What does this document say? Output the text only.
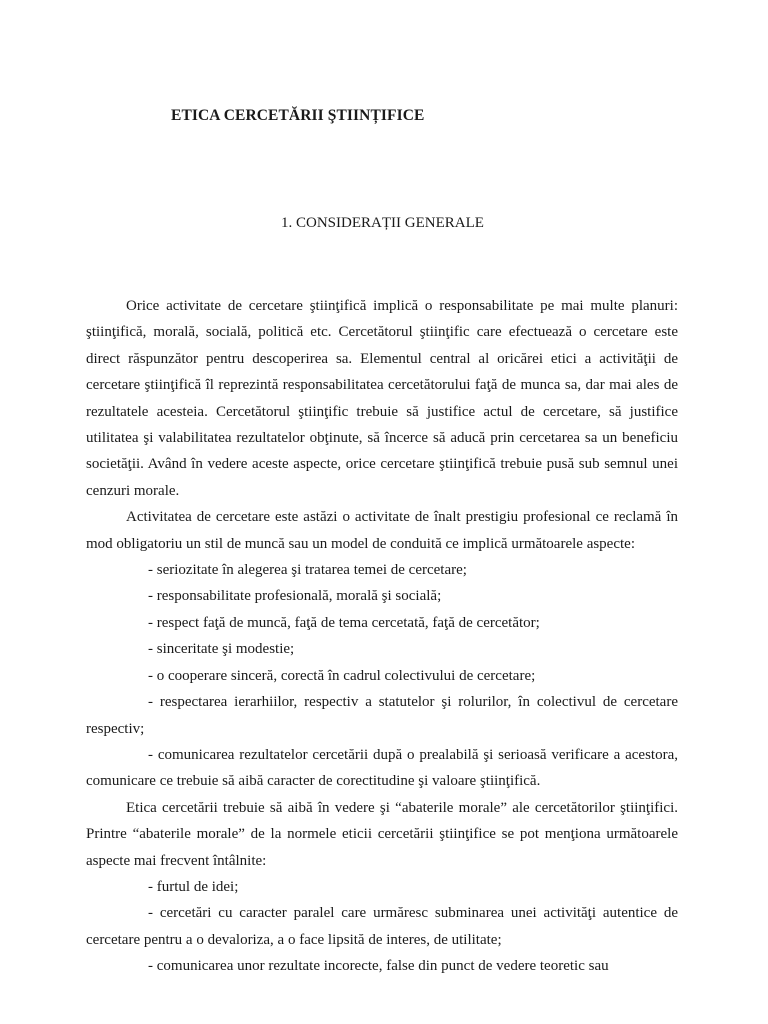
ETICA CERCETĂRII ŞTIINȚIFICE
1. CONSIDERAȚII GENERALE

Orice activitate de cercetare ştiinţifică implică o responsabilitate pe mai multe planuri: ştiinţifică, morală, socială, politică etc. Cercetătorul ştiinţific care efectuează o cercetare este direct răspunzător pentru descoperirea sa. Elementul central al oricărei etici a activităţii de cercetare ştiinţifică îl reprezintă responsabilitatea cercetătorului faţă de munca sa, dar mai ales de rezultatele acesteia. Cercetătorul ştiinţific trebuie să justifice actul de cercetare, să justifice utilitatea şi valabilitatea rezultatelor obţinute, să încerce să aducă prin cercetarea sa un beneficiu societăţii. Având în vedere aceste aspecte, orice cercetare ştiinţifică trebuie pusă sub semnul unei cenzuri morale.

Activitatea de cercetare este astăzi o activitate de înalt prestigiu profesional ce reclamă în mod obligatoriu un stil de muncă sau un model de conduită ce implică următoarele aspecte:

- seriozitate în alegerea şi tratarea temei de cercetare;

- responsabilitate profesională, morală şi socială;

- respect faţă de muncă, faţă de tema cercetată, faţă de cercetător;

- sinceritate şi modestie;

- o cooperare sinceră, corectă în cadrul colectivului de cercetare;

- respectarea ierarhiilor, respectiv a statutelor şi rolurilor, în colectivul de cercetare respectiv;

- comunicarea rezultatelor cercetării după o prealabilă şi serioasă verificare a acestora, comunicare ce trebuie să aibă caracter de corectitudine şi valoare ştiinţifică.

Etica cercetării trebuie să aibă în vedere şi “abaterile morale” ale cercetătorilor ştiinţifici. Printre “abaterile morale” de la normele eticii cercetării ştiinţifice se pot menţiona următoarele aspecte mai frecvent întâlnite:

- furtul de idei;

- cercetări cu caracter paralel care urmăresc subminarea unei activităţi autentice de cercetare pentru a o devaloriza, a o face lipsită de interes, de utilitate;

- comunicarea unor rezultate incorecte, false din punct de vedere teoretic sau
